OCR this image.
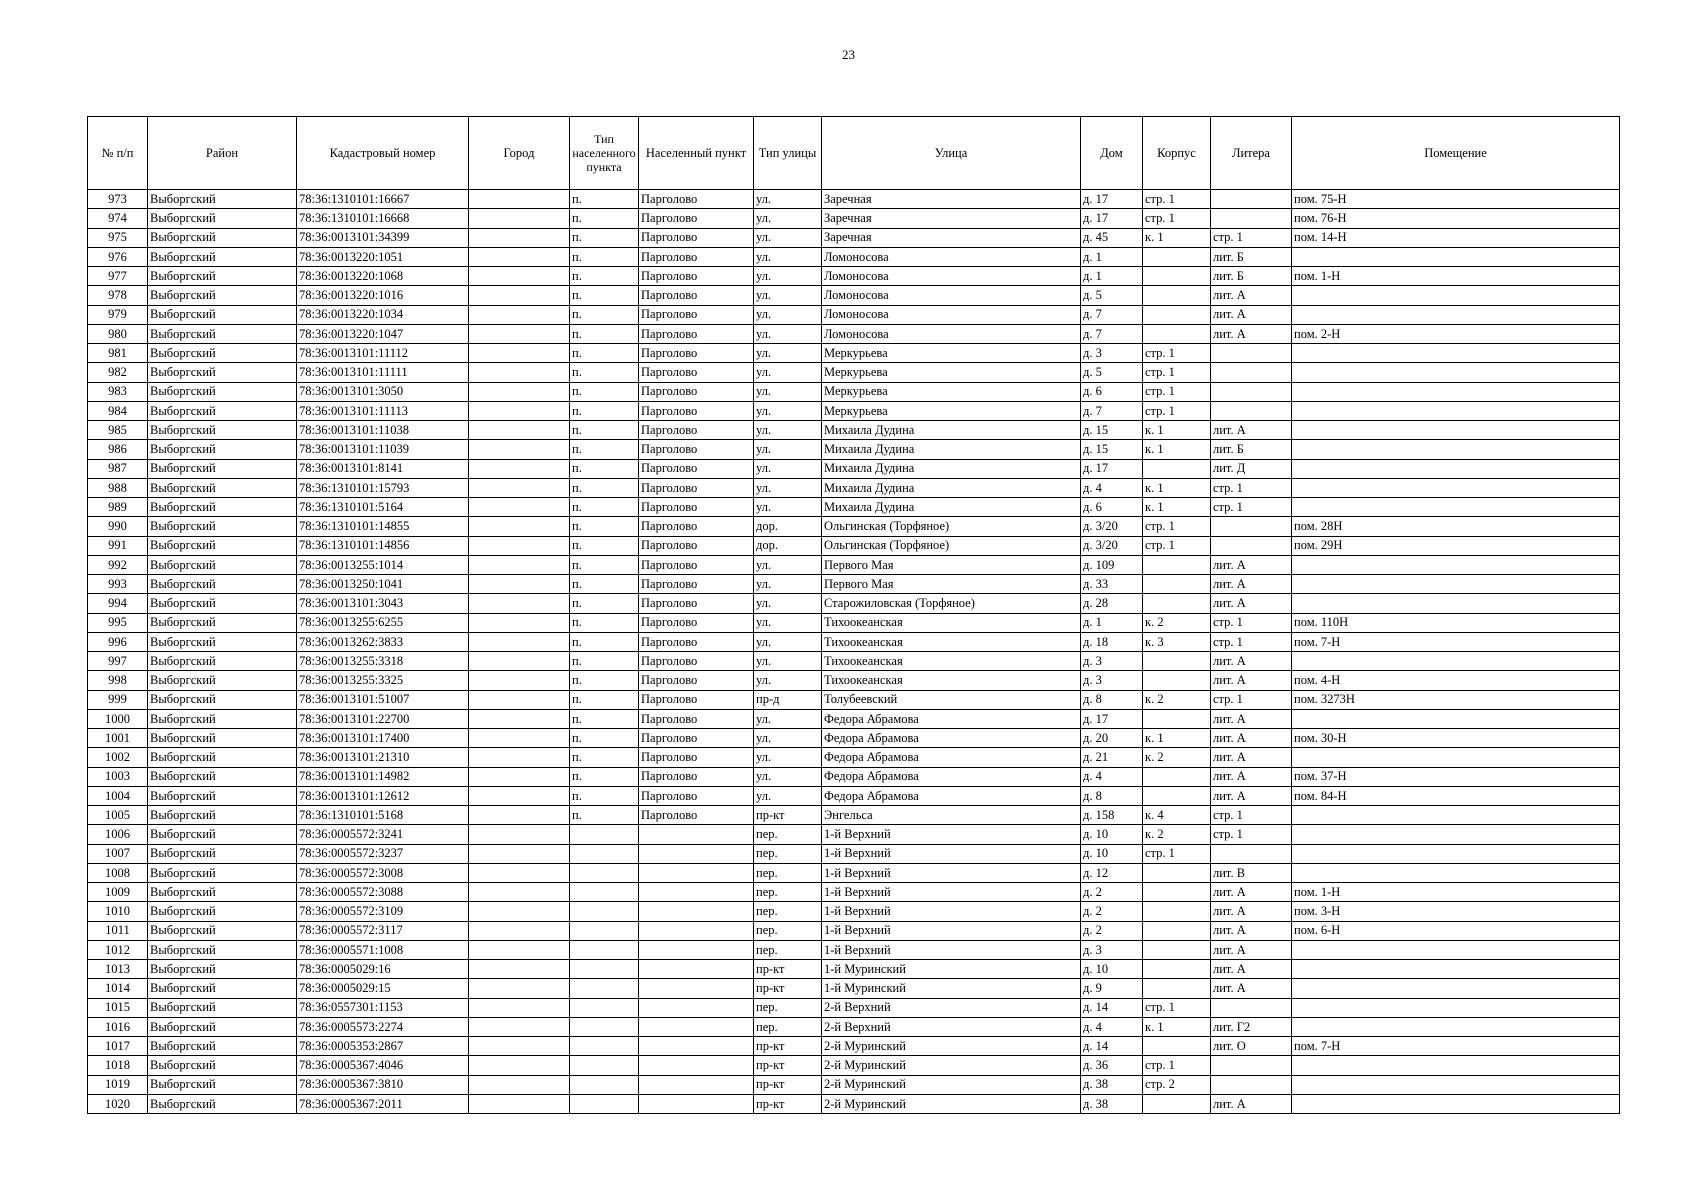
23
№ п/п	Район	Кадастровый номер	Город	Тип населенного пункта	Населенный пункт	Тип улицы	Улица	Дом	Корпус	Литера	Помещение
973	Выборгский	78:36:1310101:16667		п.	Парголово	ул.	Заречная	д. 17	стр. 1		пом. 75-Н
974	Выборгский	78:36:1310101:16668		п.	Парголово	ул.	Заречная	д. 17	стр. 1		пом. 76-Н
975	Выборгский	78:36:0013101:34399		п.	Парголово	ул.	Заречная	д. 45	к. 1	стр. 1	пом. 14-Н
976	Выборгский	78:36:0013220:1051		п.	Парголово	ул.	Ломоносова	д. 1		лит. Б	
977	Выборгский	78:36:0013220:1068		п.	Парголово	ул.	Ломоносова	д. 1		лит. Б	пом. 1-Н
978	Выборгский	78:36:0013220:1016		п.	Парголово	ул.	Ломоносова	д. 5		лит. А	
979	Выборгский	78:36:0013220:1034		п.	Парголово	ул.	Ломоносова	д. 7		лит. А	
980	Выборгский	78:36:0013220:1047		п.	Парголово	ул.	Ломоносова	д. 7		лит. А	пом. 2-Н
981	Выборгский	78:36:0013101:11112		п.	Парголово	ул.	Меркурьева	д. 3	стр. 1		
982	Выборгский	78:36:0013101:11111		п.	Парголово	ул.	Меркурьева	д. 5	стр. 1		
983	Выборгский	78:36:0013101:3050		п.	Парголово	ул.	Меркурьева	д. 6	стр. 1		
984	Выборгский	78:36:0013101:11113		п.	Парголово	ул.	Меркурьева	д. 7	стр. 1		
985	Выборгский	78:36:0013101:11038		п.	Парголово	ул.	Михаила Дудина	д. 15	к. 1	лит. А	
986	Выборгский	78:36:0013101:11039		п.	Парголово	ул.	Михаила Дудина	д. 15	к. 1	лит. Б	
987	Выборгский	78:36:0013101:8141		п.	Парголово	ул.	Михаила Дудина	д. 17		лит. Д	
988	Выборгский	78:36:1310101:15793		п.	Парголово	ул.	Михаила Дудина	д. 4	к. 1	стр. 1	
989	Выборгский	78:36:1310101:5164		п.	Парголово	ул.	Михаила Дудина	д. 6	к. 1	стр. 1	
990	Выборгский	78:36:1310101:14855		п.	Парголово	дор.	Ольгинская (Торфяное)	д. 3/20	стр. 1		пом. 28Н
991	Выборгский	78:36:1310101:14856		п.	Парголово	дор.	Ольгинская (Торфяное)	д. 3/20	стр. 1		пом. 29Н
992	Выборгский	78:36:0013255:1014		п.	Парголово	ул.	Первого Мая	д. 109		лит. А	
993	Выборгский	78:36:0013250:1041		п.	Парголово	ул.	Первого Мая	д. 33		лит. А	
994	Выборгский	78:36:0013101:3043		п.	Парголово	ул.	Старожиловская (Торфяное)	д. 28		лит. А	
995	Выборгский	78:36:0013255:6255		п.	Парголово	ул.	Тихоокеанская	д. 1	к. 2	стр. 1	пом. 110Н
996	Выборгский	78:36:0013262:3833		п.	Парголово	ул.	Тихоокеанская	д. 18	к. 3	стр. 1	пом. 7-Н
997	Выборгский	78:36:0013255:3318		п.	Парголово	ул.	Тихоокеанская	д. 3		лит. А	
998	Выборгский	78:36:0013255:3325		п.	Парголово	ул.	Тихоокеанская	д. 3		лит. А	пом. 4-Н
999	Выборгский	78:36:0013101:51007		п.	Парголово	пр-д	Толубеевский	д. 8	к. 2	стр. 1	пом. 3273Н
1000	Выборгский	78:36:0013101:22700		п.	Парголово	ул.	Федора Абрамова	д. 17		лит. А	
1001	Выборгский	78:36:0013101:17400		п.	Парголово	ул.	Федора Абрамова	д. 20	к. 1	лит. А	пом. 30-Н
1002	Выборгский	78:36:0013101:21310		п.	Парголово	ул.	Федора Абрамова	д. 21	к. 2	лит. А	
1003	Выборгский	78:36:0013101:14982		п.	Парголово	ул.	Федора Абрамова	д. 4		лит. А	пом. 37-Н
1004	Выборгский	78:36:0013101:12612		п.	Парголово	ул.	Федора Абрамова	д. 8		лит. А	пом. 84-Н
1005	Выборгский	78:36:1310101:5168		п.	Парголово	пр-кт	Энгельса	д. 158	к. 4	стр. 1	
1006	Выборгский	78:36:0005572:3241				пер.	1-й Верхний	д. 10	к. 2	стр. 1	
1007	Выборгский	78:36:0005572:3237				пер.	1-й Верхний	д. 10	стр. 1		
1008	Выборгский	78:36:0005572:3008				пер.	1-й Верхний	д. 12		лит. В	
1009	Выборгский	78:36:0005572:3088				пер.	1-й Верхний	д. 2		лит. А	пом. 1-Н
1010	Выборгский	78:36:0005572:3109				пер.	1-й Верхний	д. 2		лит. А	пом. 3-Н
1011	Выборгский	78:36:0005572:3117				пер.	1-й Верхний	д. 2		лит. А	пом. 6-Н
1012	Выборгский	78:36:0005571:1008				пер.	1-й Верхний	д. 3		лит. А	
1013	Выборгский	78:36:0005029:16				пр-кт	1-й Муринский	д. 10		лит. А	
1014	Выборгский	78:36:0005029:15				пр-кт	1-й Муринский	д. 9		лит. А	
1015	Выборгский	78:36:0557301:1153				пер.	2-й Верхний	д. 14	стр. 1		
1016	Выборгский	78:36:0005573:2274				пер.	2-й Верхний	д. 4	к. 1	лит. Г2	
1017	Выборгский	78:36:0005353:2867				пр-кт	2-й Муринский	д. 14		лит. О	пом. 7-Н
1018	Выборгский	78:36:0005367:4046				пр-кт	2-й Муринский	д. 36	стр. 1		
1019	Выборгский	78:36:0005367:3810				пр-кт	2-й Муринский	д. 38	стр. 2		
1020	Выборгский	78:36:0005367:2011				пр-кт	2-й Муринский	д. 38		лит. А	
